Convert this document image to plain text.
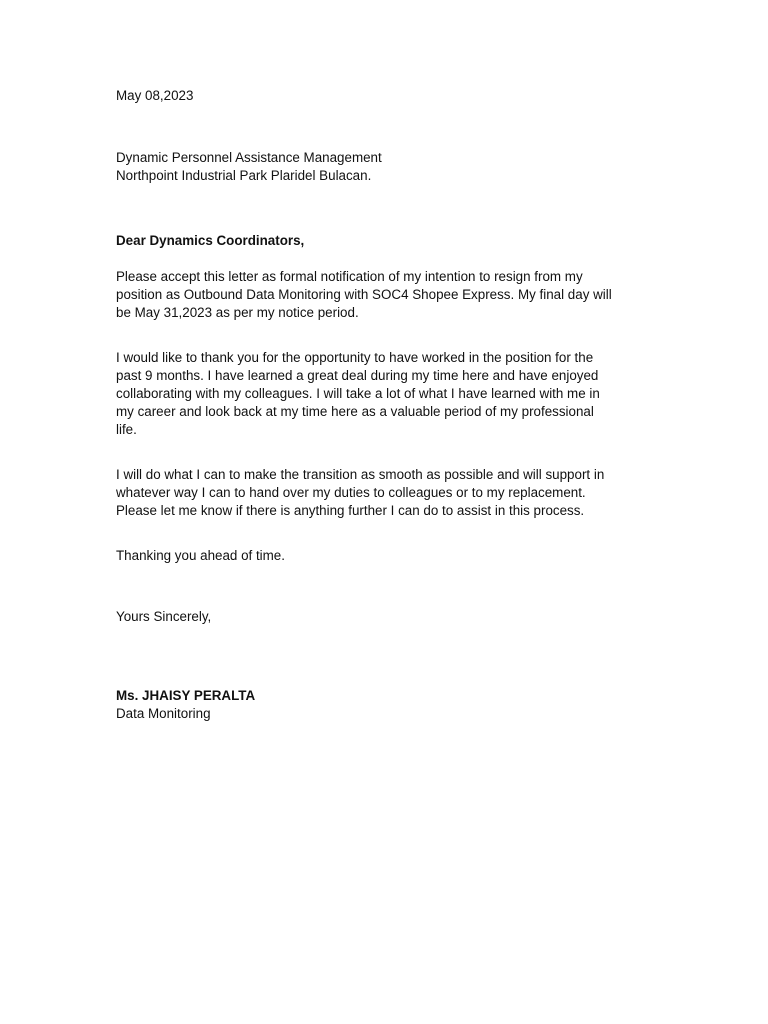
May 08,2023
Dynamic Personnel Assistance Management
Northpoint Industrial Park Plaridel Bulacan.
Dear Dynamics Coordinators,
Please accept this letter as formal notification of my intention to resign from my
position as Outbound Data Monitoring with SOC4 Shopee Express. My final day will
be May 31,2023 as per my notice period.
I would like to thank you for the opportunity to have worked in the position for the
past 9 months. I have learned a great deal during my time here and have enjoyed
collaborating with my colleagues. I will take a lot of what I have learned with me in
my career and look back at my time here as a valuable period of my professional
life.
I will do what I can to make the transition as smooth as possible and will support in
whatever way I can to hand over my duties to colleagues or to my replacement.
Please let me know if there is anything further I can do to assist in this process.
Thanking you ahead of time.
Yours Sincerely,
Ms. JHAISY PERALTA
Data Monitoring
